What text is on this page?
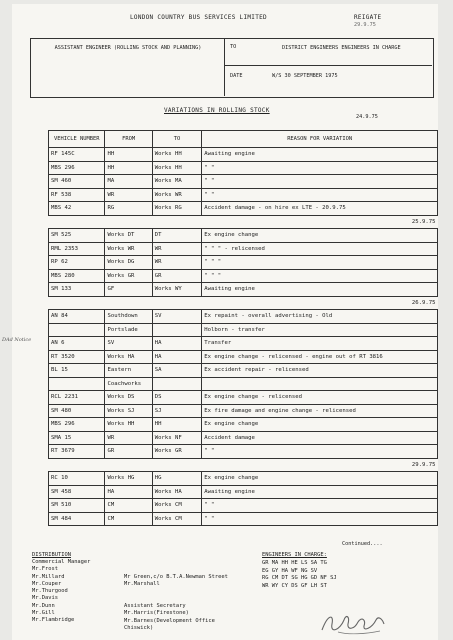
LONDON COUNTRY BUS SERVICES LIMITED	REIGATE
29.9.75
ASSISTANT ENGINEER (ROLLING STOCK AND PLANNING)	TO	DISTRICT ENGINEERS ENGINEERS IN CHARGE
DATE	W/S 30 SEPTEMBER 1975
VARIATIONS IN ROLLING STOCK
24.9.75
DAd Notice
VEHICLE NUMBER	FROM	TO	REASON FOR VARIATION
RF 145C	HH	Works HH	Awaiting engine
MBS 296	HH	Works HH	" "
SM 460	MA	Works MA	" "
RF 538	WR	Works WR	" "
MBS 42	RG	Works RG	Accident damage - on hire ex LTE - 20.9.75
25.9.75			
SM 525	Works DT	DT	Ex engine change
RML 2353	Works WR	WR	" " " - relicensed
RP 62	Works DG	WR	" " "
MBS 280	Works GR	GR	" " "
SM 133	GF	Works WY	Awaiting engine
26.9.75			
AN 84	Southdown	SV	Ex repaint - overall advertising - Old
	Portslade		Holborn - transfer
AN 6	SV	HA	Transfer
RT 3520	Works HA	HA	Ex engine change - relicensed - engine out of RT 3816
BL 15	Eastern	SA	Ex accident repair - relicensed
	Coachworks		
RCL 2231	Works DS	DS	Ex engine change - relicensed
SM 480	Works SJ	SJ	Ex fire damage and engine change - relicensed
MBS 296	Works HH	HH	Ex engine change
SMA 15	WR	Works NF	Accident damage
RT 3679	GR	Works GR	" "
29.9.75			
RC 10	Works HG	HG	Ex engine change
SM 458	HA	Works HA	Awaiting engine
SM 510	CM	Works CM	" "
SM 484	CM	Works CM	" "
Continued....
DISTRIBUTION
Commercial Manager
Mr.Frost
Mr.Millard
Mr.Couper
Mr.Thurgood
Mr.Davis
Mr.Dunn
Mr.Gill
Mr.Flambridge
Mr Green,c/o B.T.A.Newman Street
Mr.Marshall
Assistant Secretary
Mr.Harris(Firestone)
Mr.Barnes(Development Office
Chiswick)
ENGINEERS IN CHARGE:
GR MA HH HE LS SA TG
EG GY HA WF NG SV
RG CM DT SG HG GD NF SJ
WR WY CY DS GF LH ST
